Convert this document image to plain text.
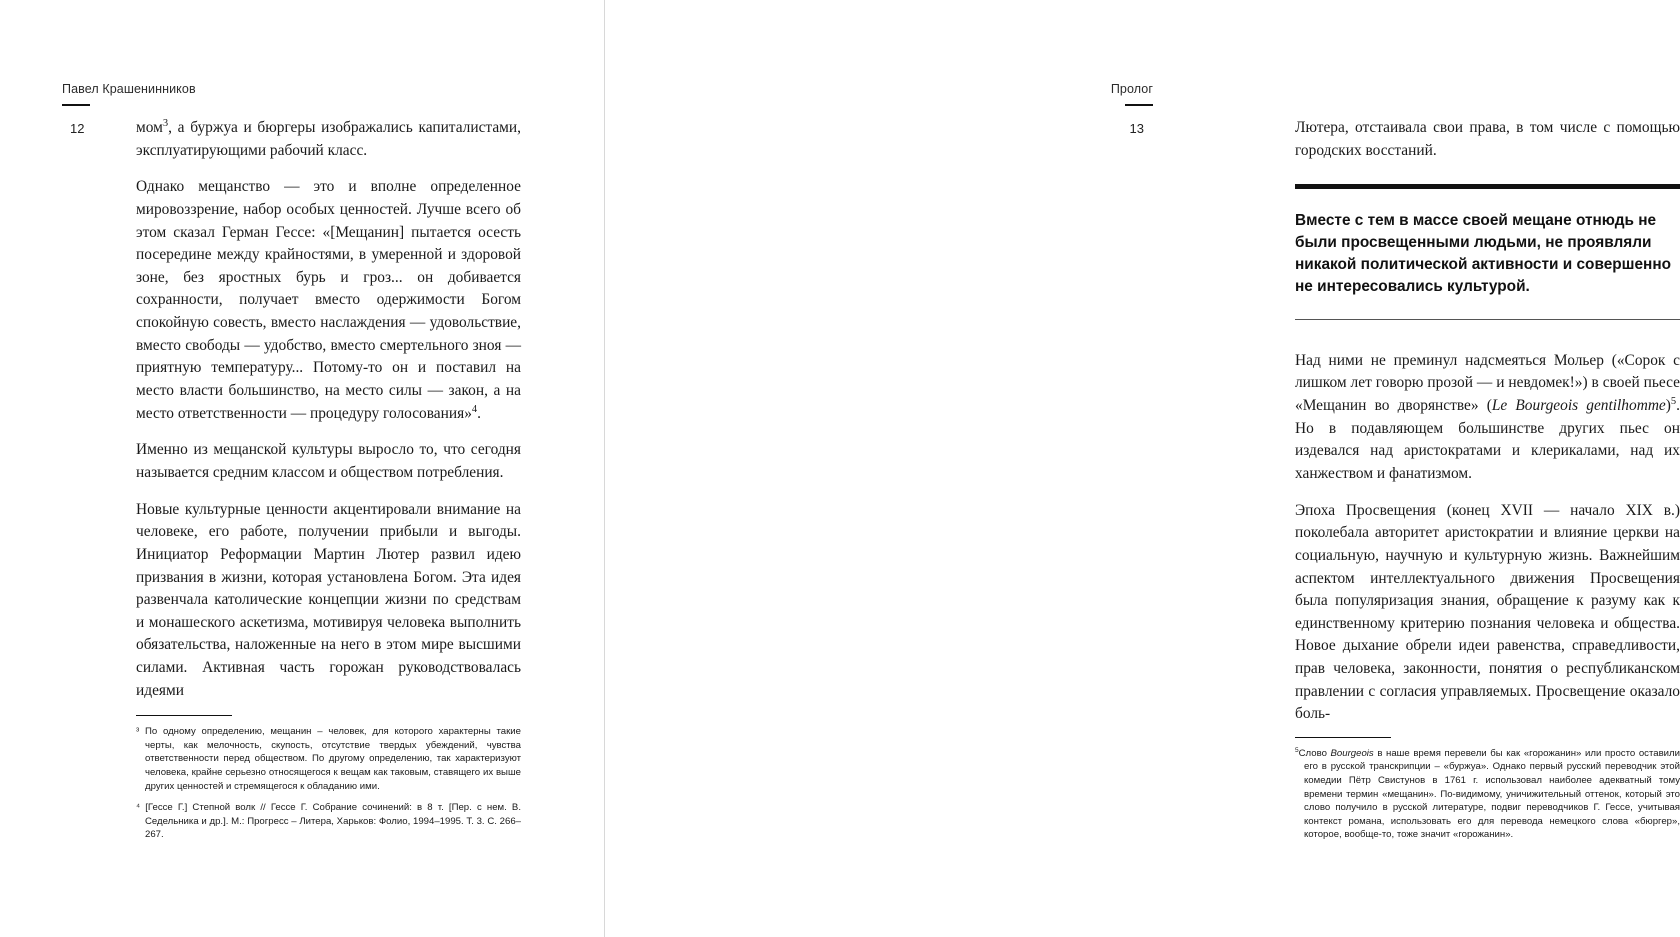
Павел Крашенинников
12	мом$^3$, а буржуа и бюргеры изображались капиталистами, эксплуатирующими рабочий класс.

Однако мещанство — это и вполне определенное мировоззрение, набор особых ценностей. Лучше всего об этом сказал Герман Гессе: «[Мещанин] пытается осесть посередине между крайностями, в умеренной и здоровой зоне, без яростных бурь и гроз... он добивается сохранности, получает вместо одержимости Богом спокойную совесть, вместо наслаждения — удовольствие, вместо свободы — удобство, вместо смертельного зноя — приятную температуру... Потому-то он и поставил на место власти большинство, на место силы — закон, а на место ответственности — процедуру голосования»$^4$.

Именно из мещанской культуры выросло то, что сегодня называется средним классом и обществом потребления.

Новые культурные ценности акцентировали внимание на человеке, его работе, получении прибыли и выгоды. Инициатор Реформации Мартин Лютер развил идею призвания в жизни, которая установлена Богом. Эта идея развенчала католические концепции жизни по средствам и монашеского аскетизма, мотивируя человека выполнить обязательства, наложенные на него в этом мире высшими силами. Активная часть горожан руководствовалась идеями

³ По одному определению, мещанин – человек, для которого характерны такие черты, как мелочность, скупость, отсутствие твердых убеждений, чувства ответственности перед обществом. По другому определению, так характеризуют человека, крайне серьезно относящегося к вещам как таковым, ставящего их выше других ценностей и стремящегося к обладанию ими.

⁴ [Гессе Г.] Степной волк // Гессе Г. Собрание сочинений: в 8 т. [Пер. с нем. В. Седельника и др.]. М.: Прогресс – Литера, Харьков: Фолио, 1994–1995. Т. 3. С. 266–267.

Пролог
13	Лютера, отстаивала свои права, в том числе с помощью городских восстаний.

Вместе с тем в массе своей мещане отнюдь не были просвещенными людьми, не проявляли никакой политической активности и совершенно не интересовались культурой.

Над ними не преминул надсмеяться Мольер («Сорок с лишком лет говорю прозой — и невдомек!») в своей пьесе «Мещанин во дворянстве» (Le Bourgeois gentilhomme)$^5$. Но в подавляющем большинстве других пьес он издевался над аристократами и клерикалами, над их ханжеством и фанатизмом.

Эпоха Просвещения (конец XVII — начало XIX в.) поколебала авторитет аристократии и влияние церкви на социальную, научную и культурную жизнь. Важнейшим аспектом интеллектуального движения Просвещения была популяризация знания, обращение к разуму как к единственному критерию познания человека и общества. Новое дыхание обрели идеи равенства, справедливости, прав человека, законности, понятия о республиканском правлении с согласия управляемых. Просвещение оказало боль-

$^5$Слово Bourgeois в наше время перевели бы как «горожанин» или просто оставили его в русской транскрипции – «буржуа». Однако первый русский переводчик этой комедии Пётр Свистунов в 1761 г. использовал наиболее адекватный тому времени термин «мещанин». По-видимому, уничижительный оттенок, который это слово получило в русской литературе, подвиг переводчиков Г. Гессе, учитывая контекст романа, использовать его для перевода немецкого слова «бюргер», которое, вообще-то, тоже значит «горожанин».
